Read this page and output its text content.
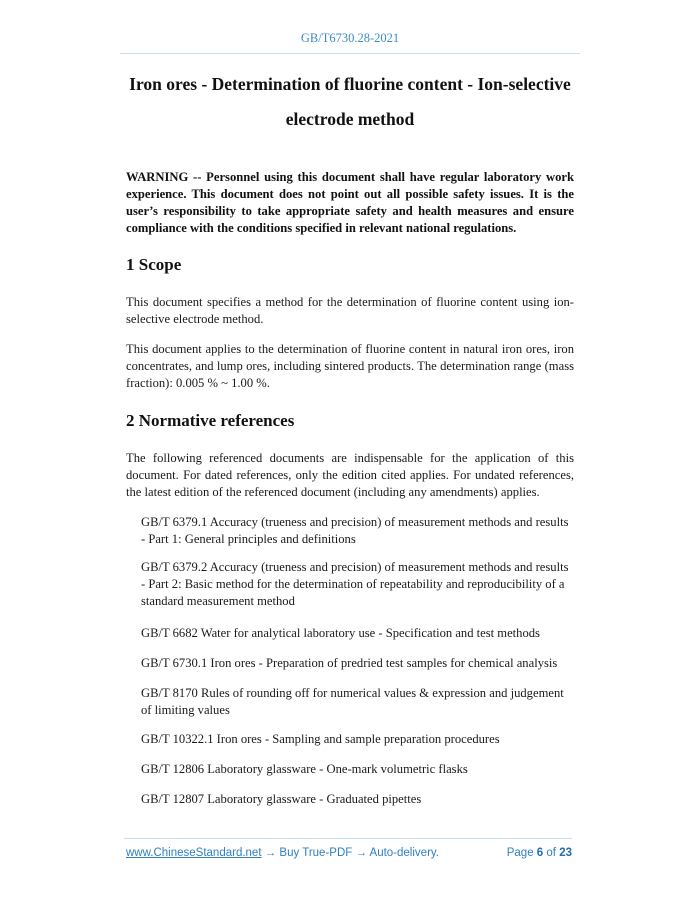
GB/T6730.28-2021
Iron ores - Determination of fluorine content - Ion-selective
electrode method
WARNING -- Personnel using this document shall have regular laboratory work experience. This document does not point out all possible safety issues. It is the user’s responsibility to take appropriate safety and health measures and ensure compliance with the conditions specified in relevant national regulations.
1 Scope
This document specifies a method for the determination of fluorine content using ion-selective electrode method.
This document applies to the determination of fluorine content in natural iron ores, iron concentrates, and lump ores, including sintered products. The determination range (mass fraction): 0.005 % ~ 1.00 %.
2 Normative references
The following referenced documents are indispensable for the application of this document. For dated references, only the edition cited applies. For undated references, the latest edition of the referenced document (including any amendments) applies.
GB/T 6379.1 Accuracy (trueness and precision) of measurement methods and results - Part 1: General principles and definitions
GB/T 6379.2 Accuracy (trueness and precision) of measurement methods and results - Part 2: Basic method for the determination of repeatability and reproducibility of a standard measurement method
GB/T 6682 Water for analytical laboratory use - Specification and test methods
GB/T 6730.1 Iron ores - Preparation of predried test samples for chemical analysis
GB/T 8170 Rules of rounding off for numerical values & expression and judgement of limiting values
GB/T 10322.1 Iron ores - Sampling and sample preparation procedures
GB/T 12806 Laboratory glassware - One-mark volumetric flasks
GB/T 12807 Laboratory glassware - Graduated pipettes
www.ChineseStandard.net → Buy True-PDF → Auto-delivery.	Page 6 of 23
